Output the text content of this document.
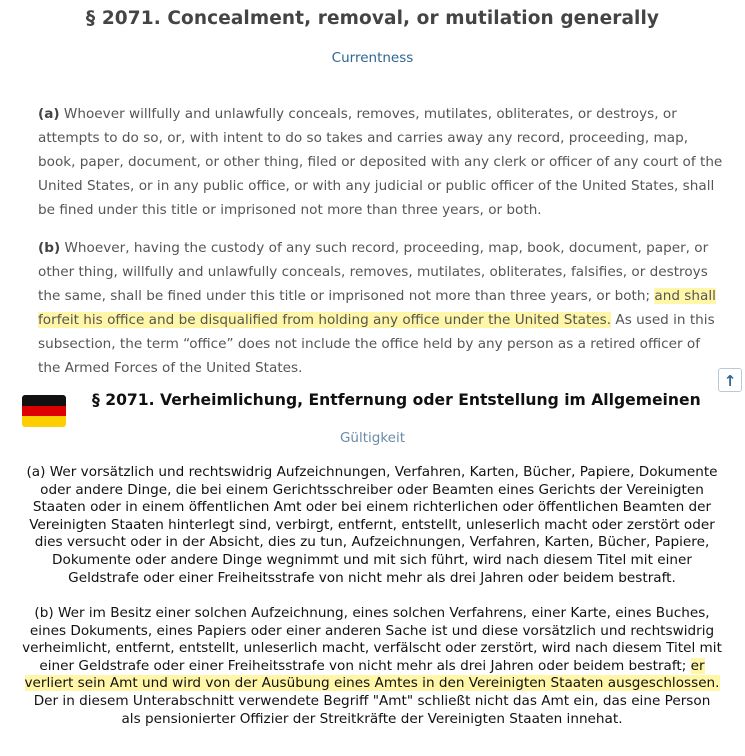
§ 2071. Concealment, removal, or mutilation generally
Currentness
(a) Whoever willfully and unlawfully conceals, removes, mutilates, obliterates, or destroys, or attempts to do so, or, with intent to do so takes and carries away any record, proceeding, map, book, paper, document, or other thing, filed or deposited with any clerk or officer of any court of the United States, or in any public office, or with any judicial or public officer of the United States, shall be fined under this title or imprisoned not more than three years, or both.
(b) Whoever, having the custody of any such record, proceeding, map, book, document, paper, or other thing, willfully and unlawfully conceals, removes, mutilates, obliterates, falsifies, or destroys the same, shall be fined under this title or imprisoned not more than three years, or both; and shall forfeit his office and be disqualified from holding any office under the United States. As used in this subsection, the term “office” does not include the office held by any person as a retired officer of the Armed Forces of the United States.
↑
§ 2071. Verheimlichung, Entfernung oder Entstellung im Allgemeinen
Gültigkeit
(a) Wer vorsätzlich und rechtswidrig Aufzeichnungen, Verfahren, Karten, Bücher, Papiere, Dokumente oder andere Dinge, die bei einem Gerichtsschreiber oder Beamten eines Gerichts der Vereinigten Staaten oder in einem öffentlichen Amt oder bei einem richterlichen oder öffentlichen Beamten der Vereinigten Staaten hinterlegt sind, verbirgt, entfernt, entstellt, unleserlich macht oder zerstört oder dies versucht oder in der Absicht, dies zu tun, Aufzeichnungen, Verfahren, Karten, Bücher, Papiere, Dokumente oder andere Dinge wegnimmt und mit sich führt, wird nach diesem Titel mit einer Geldstrafe oder einer Freiheitsstrafe von nicht mehr als drei Jahren oder beidem bestraft.
(b) Wer im Besitz einer solchen Aufzeichnung, eines solchen Verfahrens, einer Karte, eines Buches, eines Dokuments, eines Papiers oder einer anderen Sache ist und diese vorsätzlich und rechtswidrig verheimlicht, entfernt, entstellt, unleserlich macht, verfälscht oder zerstört, wird nach diesem Titel mit einer Geldstrafe oder einer Freiheitsstrafe von nicht mehr als drei Jahren oder beidem bestraft; er verliert sein Amt und wird von der Ausübung eines Amtes in den Vereinigten Staaten ausgeschlossen. Der in diesem Unterabschnitt verwendete Begriff "Amt" schließt nicht das Amt ein, das eine Person als pensionierter Offizier der Streitkräfte der Vereinigten Staaten innehat.
